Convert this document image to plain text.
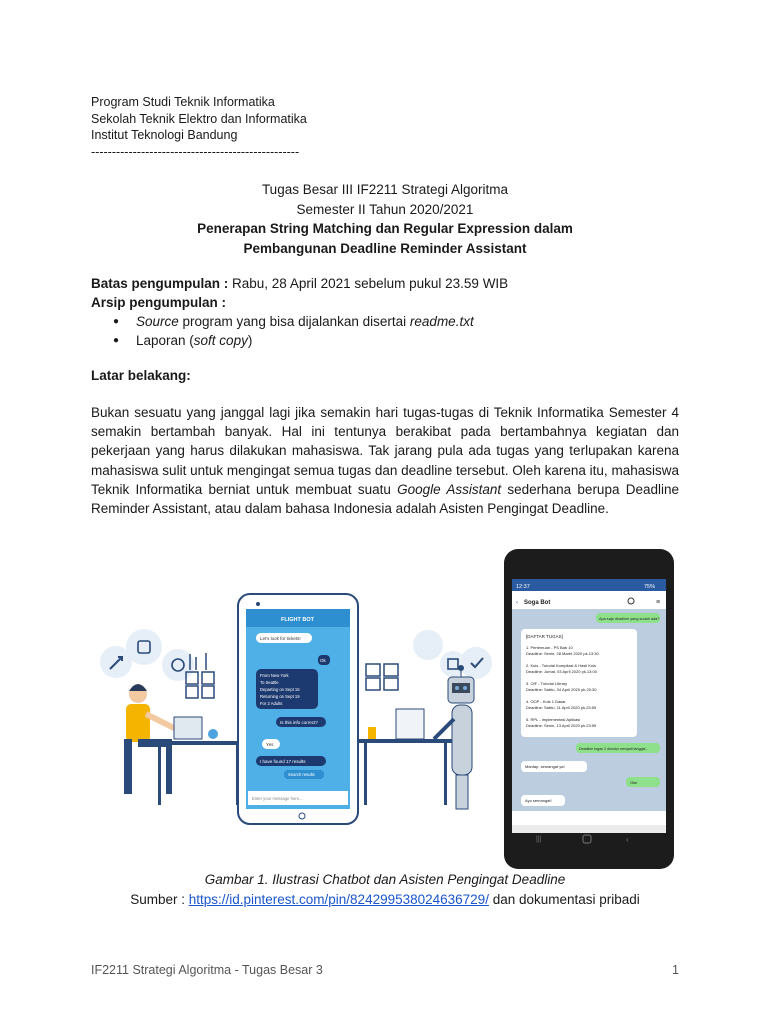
Program Studi Teknik Informatika
Sekolah Teknik Elektro dan Informatika
Institut Teknologi Bandung
--------------------------------------------------
Tugas Besar III IF2211 Strategi Algoritma
Semester II Tahun 2020/2021
Penerapan String Matching dan Regular Expression dalam
Pembangunan Deadline Reminder Assistant
Batas pengumpulan : Rabu, 28 April 2021 sebelum pukul 23.59 WIB
Arsip pengumpulan :
● Source program yang bisa dijalankan disertai readme.txt
● Laporan (soft copy)
Latar belakang:
Bukan sesuatu yang janggal lagi jika semakin hari tugas-tugas di Teknik Informatika Semester 4 semakin bertambah banyak. Hal ini tentunya berakibat pada bertambahnya kegiatan dan pekerjaan yang harus dilakukan mahasiswa. Tak jarang pula ada tugas yang terlupakan karena mahasiswa sulit untuk mengingat semua tugas dan deadline tersebut. Oleh karena itu, mahasiswa Teknik Informatika berniat untuk membuat suatu Google Assistant sederhana berupa Deadline Reminder Assistant, atau dalam bahasa Indonesia adalah Asisten Pengingat Deadline.
FLIGHT BOT
Let's look for tickets!
Ok
From New York
To Seattle
Departing on Sept 15
Returning on Sept 19
For 2 Adults
Is this info correct?
Yes
I have found 17 results
Search results
Enter your message here...
12:37	75%
‹ Soga Bot	≡
Apa saja deadline yang sudah ada?
[DAFTAR TUGAS]
1. Pertemuan - PS Bab 10
Deadline: Senin, 28 Maret 2020 pk.13:30
2. Kuis - Tutorial Kompilasi & Hasil Kuis
Deadline: Jumat, 03 April 2020 pk.13:00
3. OIF - Tutorial Library
Deadline: Sabtu, 04 April 2020 pk.20:30
4. OOP - Kuis 1 Dasar
Deadline: Sabtu, 11 April 2020 pk.23:59
5. RPL - Implementasi Aplikasi
Deadline: Senin, 13 April 2020 pk.23:59
Deadline tugas 2 diundur menjadi tanggal...
Mantap, semangat ya!
Oke
Ayo semangat!
|||	‹
Gambar 1. Ilustrasi Chatbot dan Asisten Pengingat Deadline
Sumber : https://id.pinterest.com/pin/824299538024636729/ dan dokumentasi pribadi
IF2211 Strategi Algoritma - Tugas Besar 3	1
